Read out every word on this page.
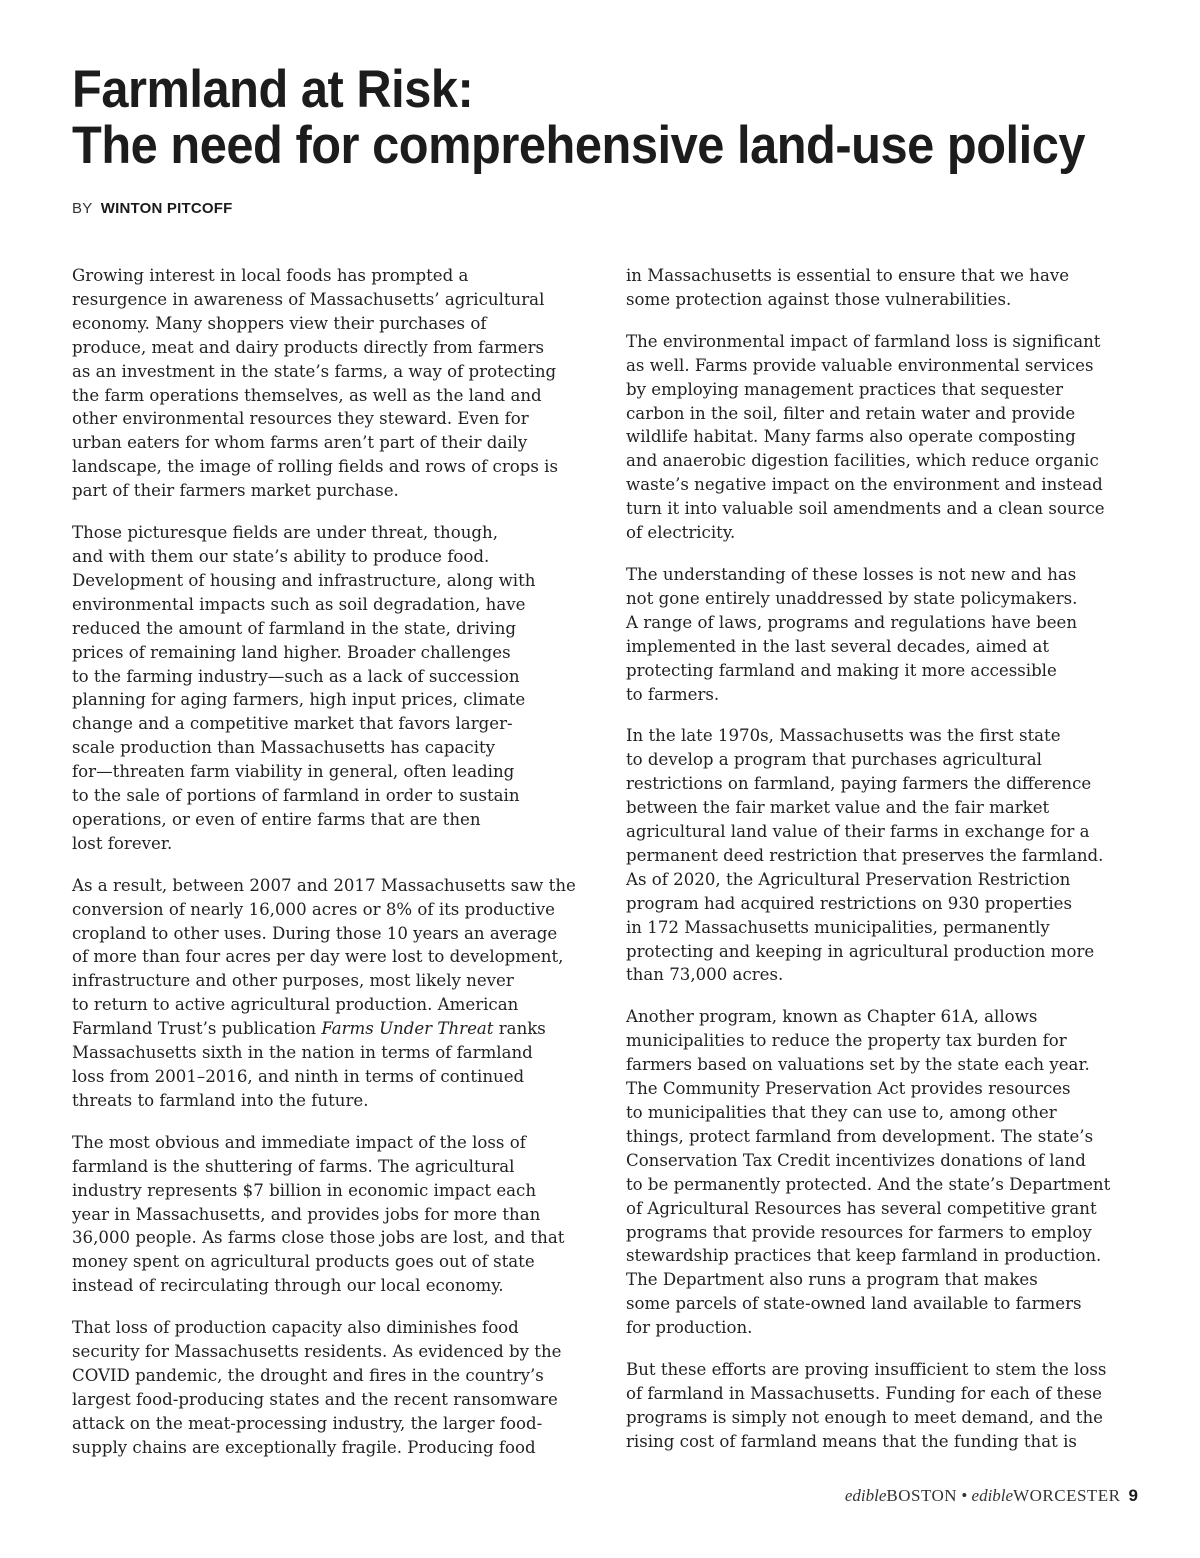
Farmland at Risk:
The need for comprehensive land-use policy
BY WINTON PITCOFF

Growing interest in local foods has prompted a
resurgence in awareness of Massachusetts’ agricultural
economy. Many shoppers view their purchases of
produce, meat and dairy products directly from farmers
as an investment in the state’s farms, a way of protecting
the farm operations themselves, as well as the land and
other environmental resources they steward. Even for
urban eaters for whom farms aren’t part of their daily
landscape, the image of rolling fields and rows of crops is
part of their farmers market purchase.

Those picturesque fields are under threat, though,
and with them our state’s ability to produce food.
Development of housing and infrastructure, along with
environmental impacts such as soil degradation, have
reduced the amount of farmland in the state, driving
prices of remaining land higher. Broader challenges
to the farming industry—such as a lack of succession
planning for aging farmers, high input prices, climate
change and a competitive market that favors larger-
scale production than Massachusetts has capacity
for—threaten farm viability in general, often leading
to the sale of portions of farmland in order to sustain
operations, or even of entire farms that are then
lost forever.

As a result, between 2007 and 2017 Massachusetts saw the
conversion of nearly 16,000 acres or 8% of its productive
cropland to other uses. During those 10 years an average
of more than four acres per day were lost to development,
infrastructure and other purposes, most likely never
to return to active agricultural production. American
Farmland Trust’s publication Farms Under Threat ranks

Massachusetts sixth in the nation in terms of farmland
loss from 2001–2016, and ninth in terms of continued
threats to farmland into the future.

The most obvious and immediate impact of the loss of
farmland is the shuttering of farms. The agricultural
industry represents $7 billion in economic impact each
year in Massachusetts, and provides jobs for more than
36,000 people. As farms close those jobs are lost, and that
money spent on agricultural products goes out of state
instead of recirculating through our local economy.

That loss of production capacity also diminishes food
security for Massachusetts residents. As evidenced by the
COVID pandemic, the drought and fires in the country’s
largest food-producing states and the recent ransomware
attack on the meat-processing industry, the larger food-
supply chains are exceptionally fragile. Producing food

in Massachusetts is essential to ensure that we have
some protection against those vulnerabilities.

The environmental impact of farmland loss is significant
as well. Farms provide valuable environmental services
by employing management practices that sequester
carbon in the soil, filter and retain water and provide
wildlife habitat. Many farms also operate composting
and anaerobic digestion facilities, which reduce organic
waste’s negative impact on the environment and instead
turn it into valuable soil amendments and a clean source
of electricity.

The understanding of these losses is not new and has
not gone entirely unaddressed by state policymakers.
A range of laws, programs and regulations have been
implemented in the last several decades, aimed at
protecting farmland and making it more accessible
to farmers.

In the late 1970s, Massachusetts was the first state
to develop a program that purchases agricultural
restrictions on farmland, paying farmers the difference
between the fair market value and the fair market
agricultural land value of their farms in exchange for a
permanent deed restriction that preserves the farmland.
As of 2020, the Agricultural Preservation Restriction
program had acquired restrictions on 930 properties
in 172 Massachusetts municipalities, permanently
protecting and keeping in agricultural production more
than 73,000 acres.

Another program, known as Chapter 61A, allows
municipalities to reduce the property tax burden for
farmers based on valuations set by the state each year.
The Community Preservation Act provides resources
to municipalities that they can use to, among other
things, protect farmland from development. The state’s
Conservation Tax Credit incentivizes donations of land
to be permanently protected. And the state’s Department
of Agricultural Resources has several competitive grant
programs that provide resources for farmers to employ
stewardship practices that keep farmland in production.
The Department also runs a program that makes
some parcels of state-owned land available to farmers
for production.

But these efforts are proving insufficient to stem the loss
of farmland in Massachusetts. Funding for each of these
programs is simply not enough to meet demand, and the
rising cost of farmland means that the funding that is

edibleBOSTON • edibleWORCESTER 9
